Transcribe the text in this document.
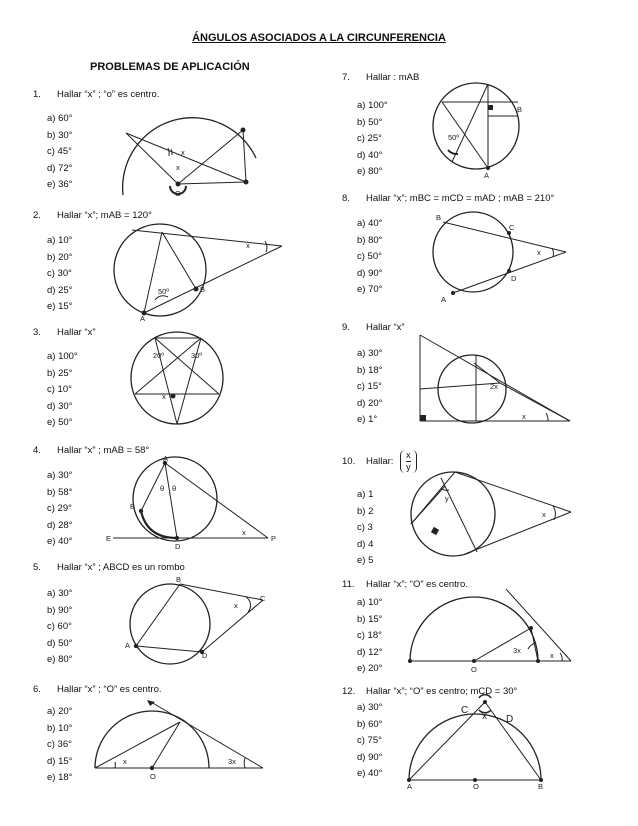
ÁNGULOS ASOCIADOS A LA CIRCUNFERENCIA
PROBLEMAS DE APLICACIÓN
1. Hallar “x” ; “o” es centro.
a) 60°
b) 30°
c) 45°
d) 72°
e) 36°
x
x
O
2. Hallar “x”; mAB = 120°
a) 10°
b) 20°
c) 30°
d) 25°
e) 15°
x
50º
A
B
3. Hallar “x”
a) 100°
b) 25°
c) 10°
d) 30°
e) 50°
20º	30º
x
4. Hallar “x” ; mAB = 58°
a) 30°
b) 58°
c) 29°
d) 28°
e) 40°
A
B
E
D
P
x
θ θ
5. Hallar “x” ; ABCD es un rombo
a) 30°
b) 90°
c) 60°
d) 50°
e) 80°
B
A
C
D
x
6. Hallar “x” ; “O” es centro.
a) 20°
b) 10°
c) 36°
d) 15°
e) 18°
x
O
3x
7. Hallar : mAB
a) 100°
b) 50°
c) 25°
d) 40°
e) 80°
B
A
50º
8. Hallar “x”; mBC = mCD = mAD ; mAB = 210°
a) 40°
b) 80°
c) 50°
d) 90°
e) 70°
B
C
D
A
x
9. Hallar “x”
a) 30°
b) 18°
c) 15°
d) 20°
e) 1°
2x
x
10. Hallar: $\frac{x}{y}$
a) 1
b) 2
c) 3
d) 4
e) 5
y
x
11. Hallar “x”; “O” es centro.
a) 10°
b) 15°
c) 18°
d) 12°
e) 20°	O
3x
x
12. Hallar “x”; “O” es centro; mCD = 30°
a) 30°
b) 60°
c) 75°
d) 90°
e) 40°
A	O	B
C
D
x
